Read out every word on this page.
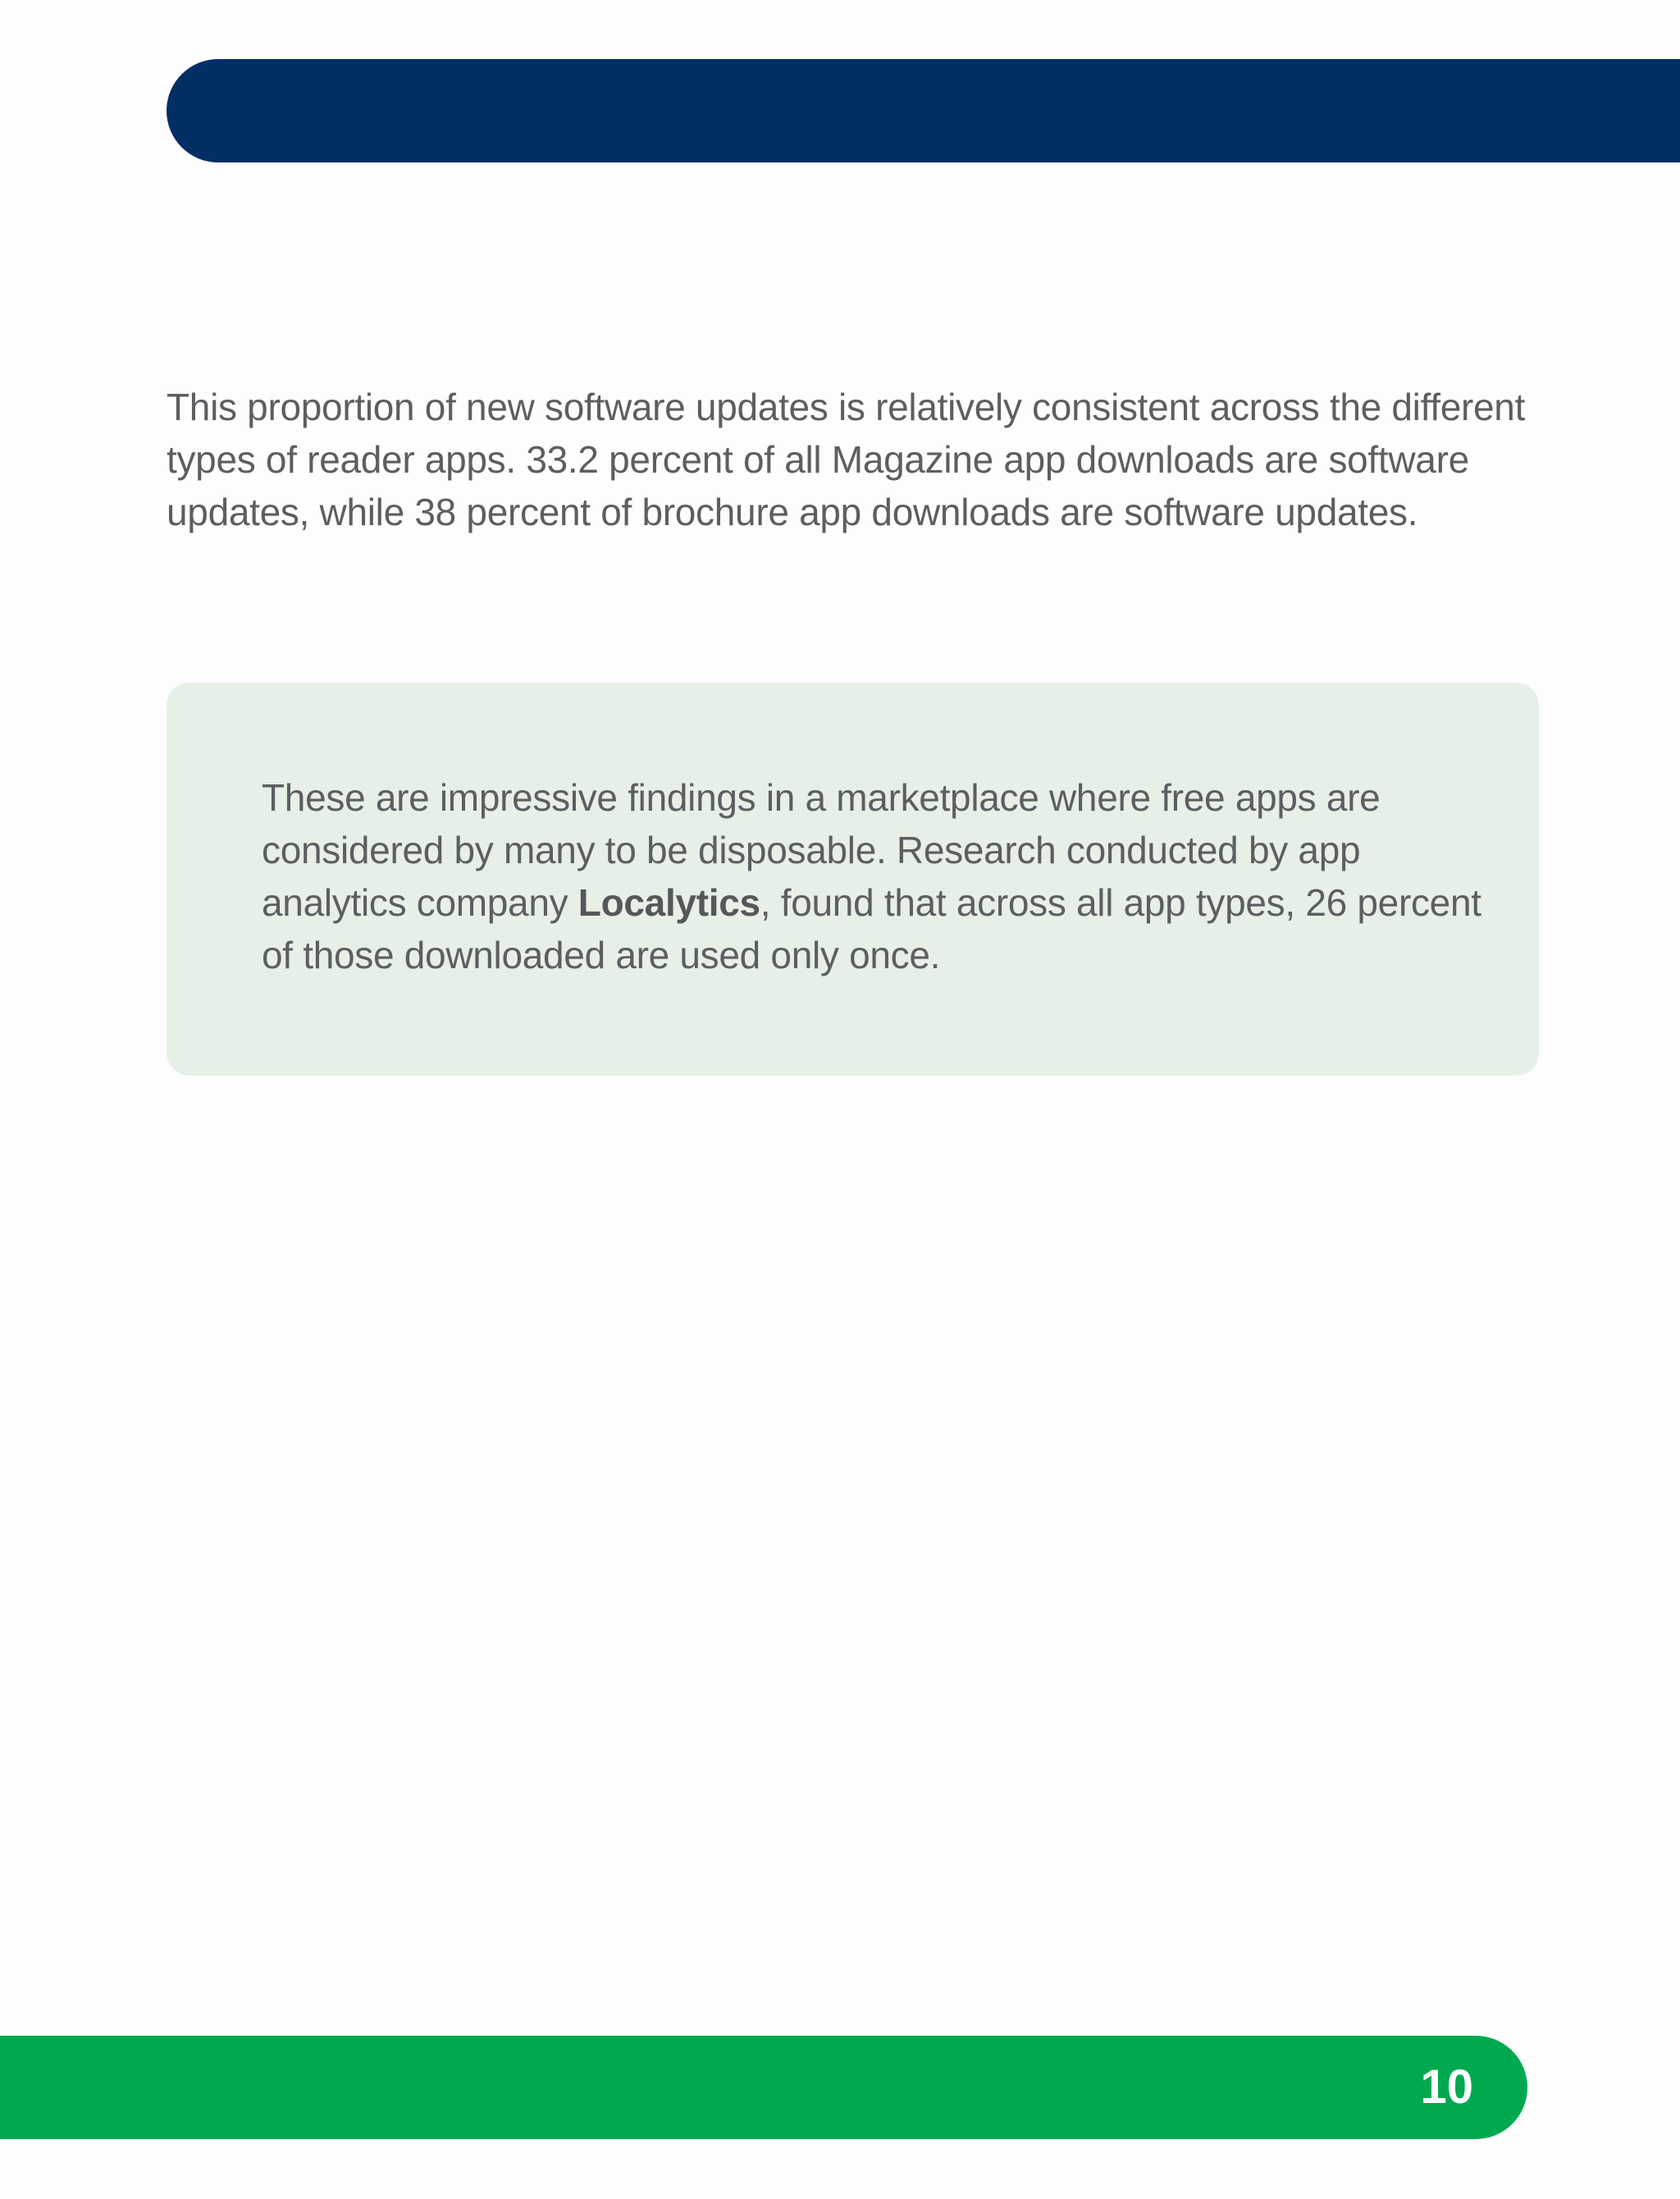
This proportion of new software updates is relatively consistent across the different types of reader apps. 33.2 percent of all Magazine app downloads are software updates, while 38 percent of brochure app downloads are software updates.

These are impressive findings in a marketplace where free apps are considered by many to be disposable. Research conducted by app analytics company Localytics, found that across all app types, 26 percent of those downloaded are used only once.

10
